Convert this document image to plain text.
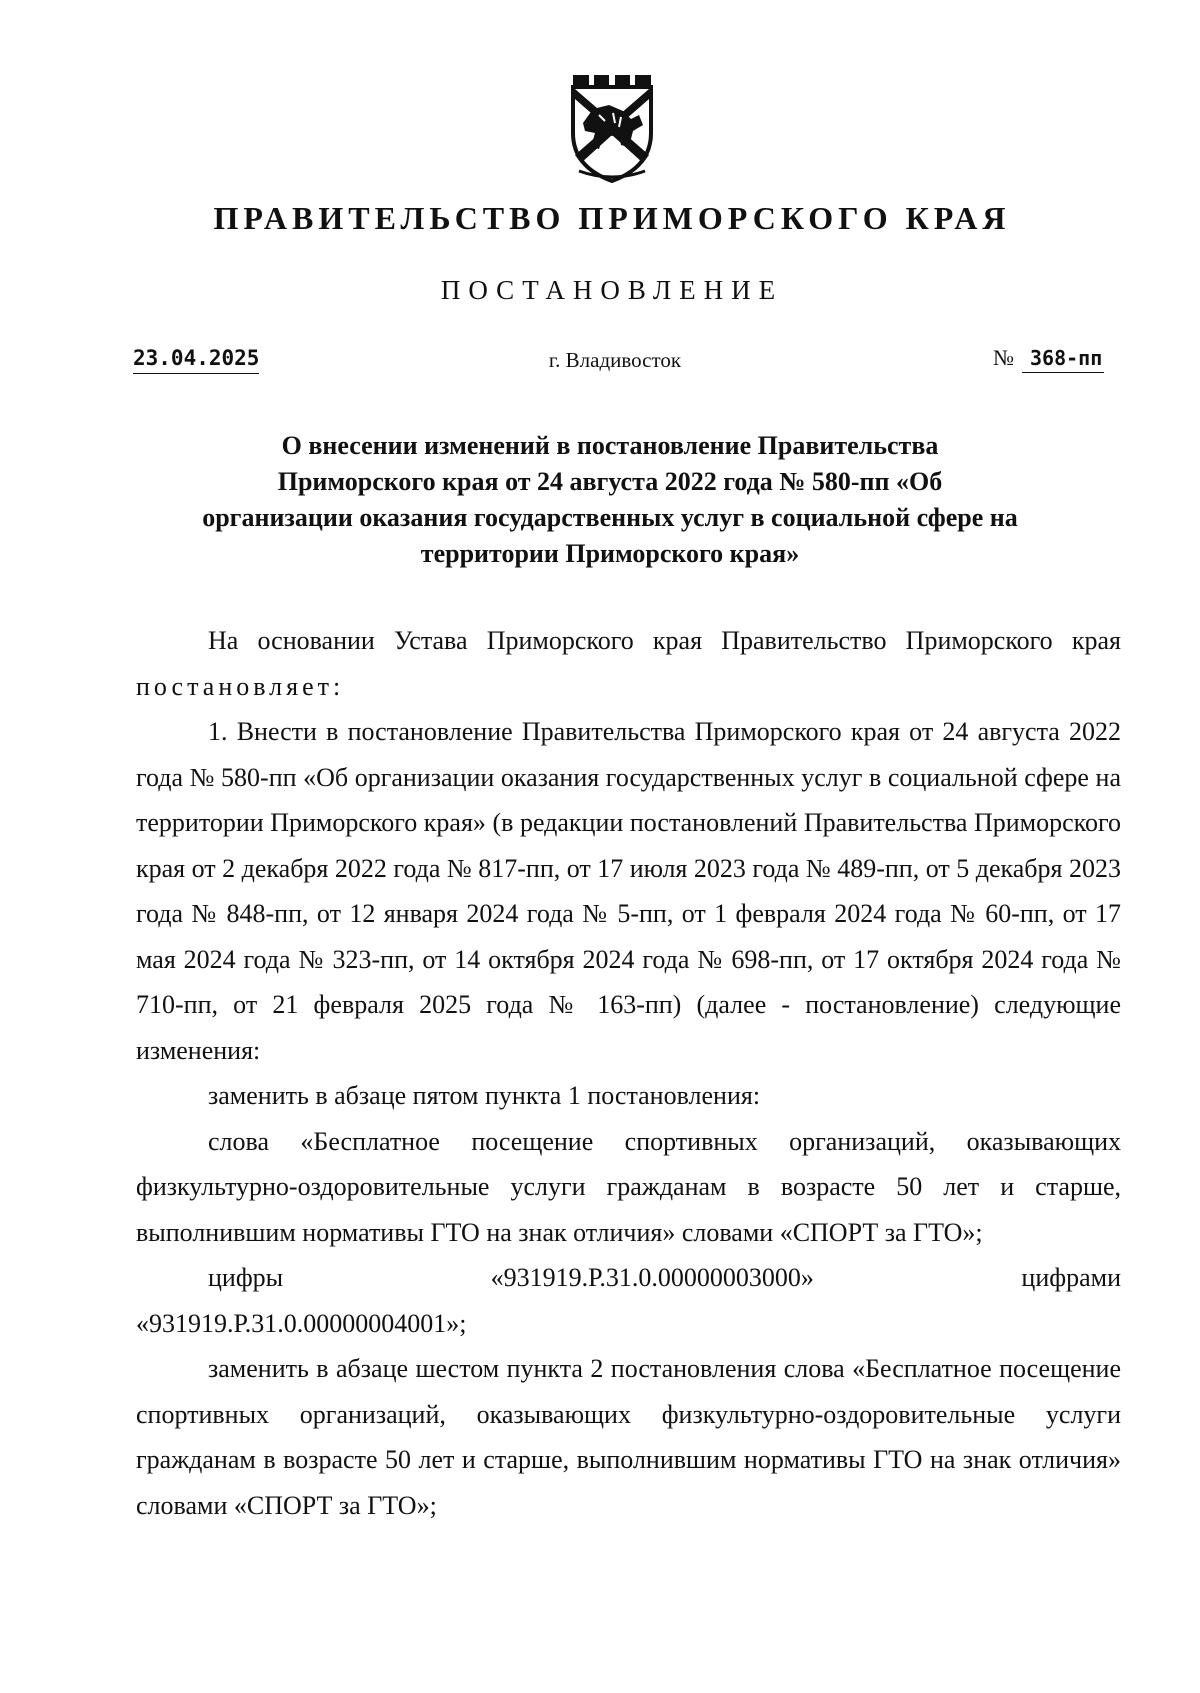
ПРАВИТЕЛЬСТВО ПРИМОРСКОГО КРАЯ
ПОСТАНОВЛЕНИЕ
23.04.2025	г. Владивосток	№ 368-пп
О внесении изменений в постановление Правительства Приморского края от 24 августа 2022 года № 580-пп «Об организации оказания государственных услуг в социальной сфере на территории Приморского края»

На основании Устава Приморского края Правительство Приморского края постановляет:

1. Внести в постановление Правительства Приморского края от 24 августа 2022 года № 580-пп «Об организации оказания государственных услуг в социальной сфере на территории Приморского края» (в редакции постановлений Правительства Приморского края от 2 декабря 2022 года № 817-пп, от 17 июля 2023 года № 489-пп, от 5 декабря 2023 года № 848-пп, от 12 января 2024 года № 5-пп, от 1 февраля 2024 года № 60-пп, от 17 мая 2024 года № 323-пп, от 14 октября 2024 года № 698-пп, от 17 октября 2024 года № 710-пп, от 21 февраля 2025 года № 163-пп) (далее - постановление) следующие изменения:

заменить в абзаце пятом пункта 1 постановления:

слова «Бесплатное посещение спортивных организаций, оказывающих физкультурно-оздоровительные услуги гражданам в возрасте 50 лет и старше, выполнившим нормативы ГТО на знак отличия» словами «СПОРТ за ГТО»;

цифры	«931919.Р.31.0.00000003000»	цифрами
«931919.Р.31.0.00000004001»;

заменить в абзаце шестом пункта 2 постановления слова «Бесплатное посещение спортивных организаций, оказывающих физкультурно-оздоровительные услуги гражданам в возрасте 50 лет и старше, выполнившим нормативы ГТО на знак отличия» словами «СПОРТ за ГТО»;
